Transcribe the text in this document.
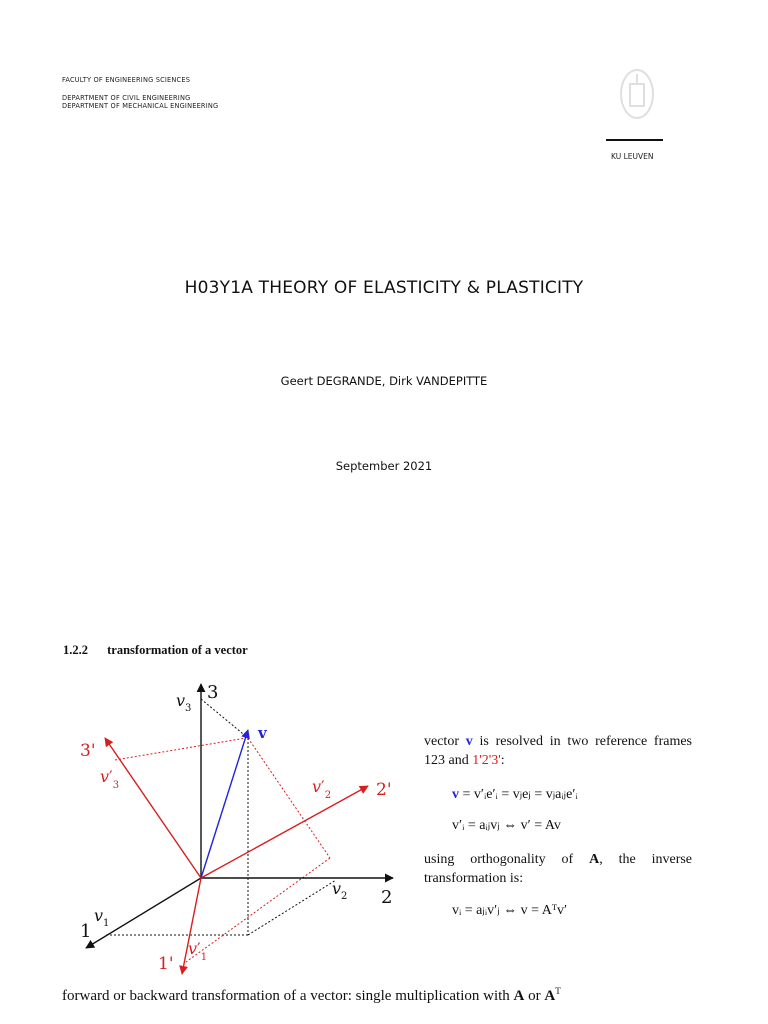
FACULTY OF ENGINEERING SCIENCES
DEPARTMENT OF CIVIL ENGINEERING
DEPARTMENT OF MECHANICAL ENGINEERING
KU LEUVEN
H03Y1A THEORY OF ELASTICITY & PLASTICITY
Geert DEGRANDE, Dirk VANDEPITTE
September 2021
1.2.2 transformation of a vector
3
2
1
3'
2'
1'
v
$v_3$
$v_2$
$v_1$
$v'_3$	$v'_2$
$v'_1$
vector v is resolved in two reference frames 123 and 1'2'3':
v = v′ᵢe′ᵢ = vⱼeⱼ = vⱼaᵢⱼe′ᵢ
v′ᵢ = aᵢⱼvⱼ ⇔ v′ = Av
using orthogonality of A, the inverse transformation is:
vᵢ = aⱼᵢv′ⱼ ⇔ v = Aᵀv′
forward or backward transformation of a vector: single multiplication with A or $A^T$
